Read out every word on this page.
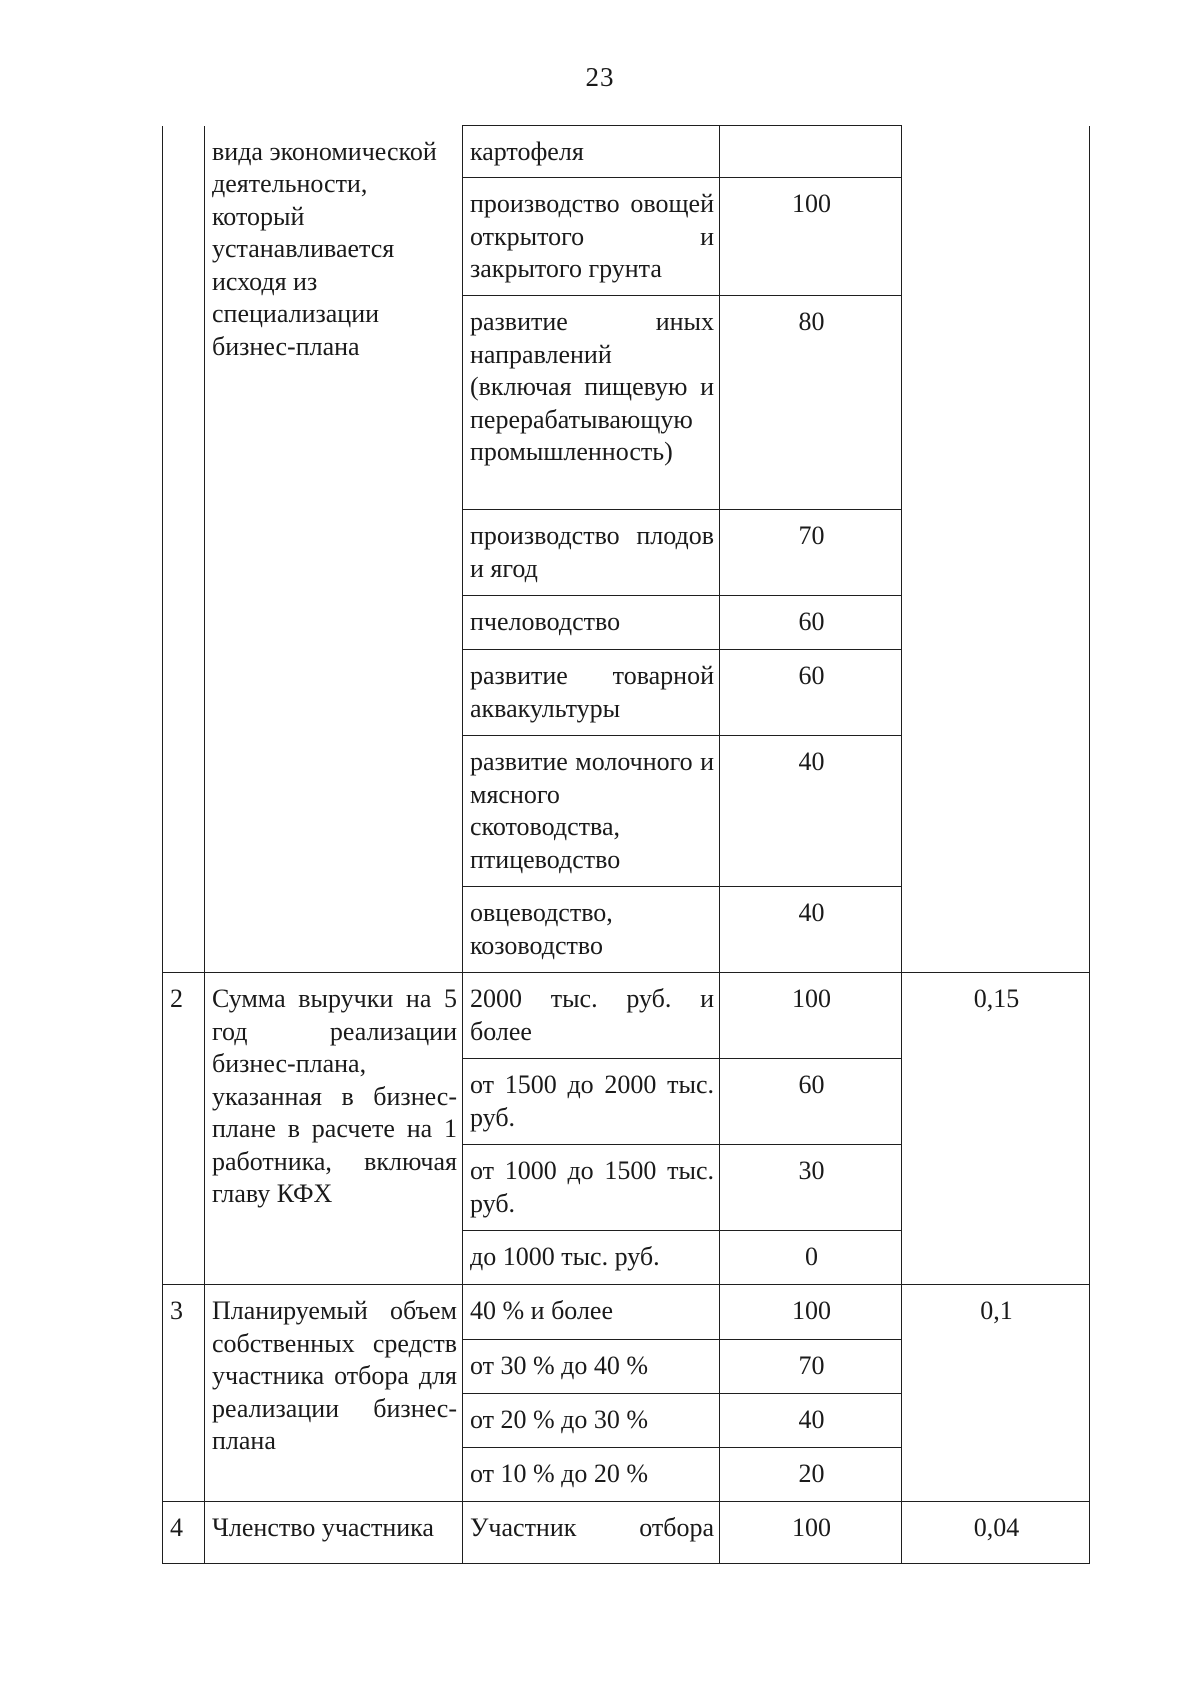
23

	вида экономической деятельности, который устанавливается исходя из специализации бизнес-плана	картофеля		
		производство овощей открытого и закрытого грунта	100	
		развитие иных направлений (включая пищевую и перерабатывающую промышленность)	80	
		производство плодов и ягод	70	
		пчеловодство	60	
		развитие товарной аквакультуры	60	
		развитие молочного и мясного скотоводства, птицеводство	40	
		овцеводство, козоводство	40	
2	Сумма выручки на 5 год реализации бизнес-плана, указанная в бизнес-плане в расчете на 1 работника, включая главу КФХ	2000 тыс. руб. и более	100	0,15
		от 1500 до 2000 тыс. руб.	60	
		от 1000 до 1500 тыс. руб.	30	
		до 1000 тыс. руб.	0	
3	Планируемый объем собственных средств участника отбора для реализации бизнес-плана	40 % и более	100	0,1
		от 30 % до 40 %	70	
		от 20 % до 30 %	40	
		от 10 % до 20 %	20	
4	Членство участника	Участник отбора	100	0,04
